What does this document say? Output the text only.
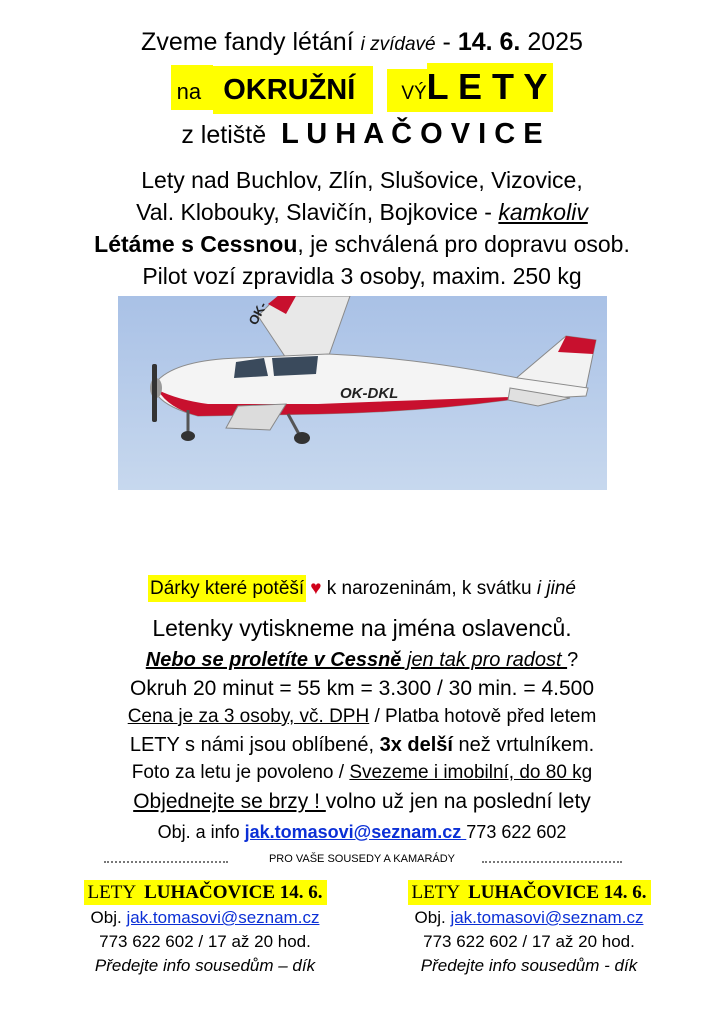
Zveme fandy létání i zvídavé - 14. 6. 2025
na OKRUŽNÍ VÝL E T Y
z letiště L U H A Č O V I C E
Lety nad Buchlov, Zlín, Slušovice, Vizovice,
Val. Klobouky, Slavičín, Bojkovice - kamkoliv
Létáme s Cessnou, je schválená pro dopravu osob.
Pilot vozí zpravidla 3 osoby, maxim. 250 kg
OK-
OK-DKL
Dárky které potěší ♥ k narozeninám, k svátku i jiné
Letenky vytiskneme na jména oslavenců.
Nebo se proletíte v Cessně jen tak pro radost ?
Okruh 20 minut = 55 km = 3.300 / 30 min. = 4.500
Cena je za 3 osoby, vč. DPH / Platba hotově před letem
LETY s námi jsou oblíbené, 3x delší než vrtulníkem.
Foto za letu je povoleno / Svezeme i imobilní, do 80 kg
Objednejte se brzy ! volno už jen na poslední lety
Obj. a info jak.tomasovi@seznam.cz 773 622 602
PRO VAŠE SOUSEDY A KAMARÁDY
LETY LUHAČOVICE 14. 6.
Obj. jak.tomasovi@seznam.cz
773 622 602 / 17 až 20 hod.
Předejte info sousedům – dík
LETY LUHAČOVICE 14. 6.
Obj. jak.tomasovi@seznam.cz
773 622 602 / 17 až 20 hod.
Předejte info sousedům - dík
